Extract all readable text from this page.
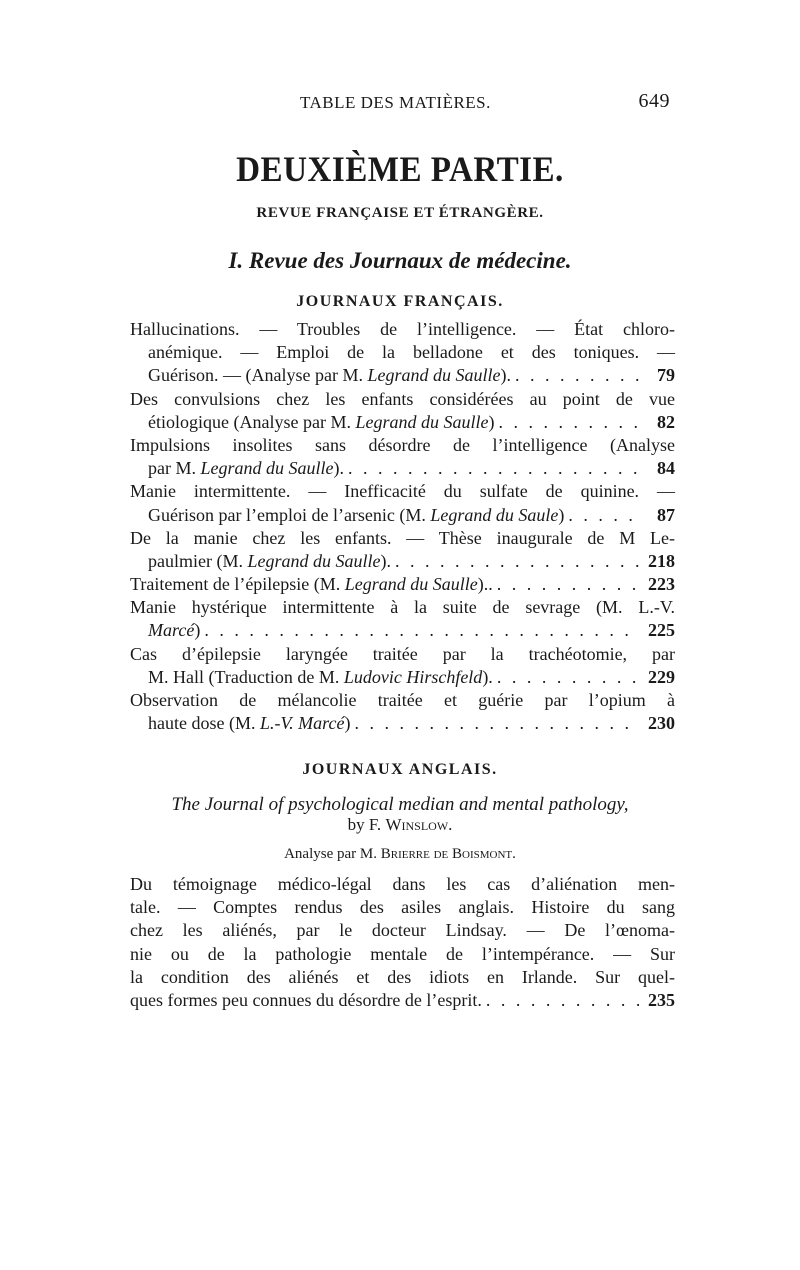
TABLE DES MATIÈRES.	649
DEUXIÈME PARTIE.
REVUE FRANÇAISE ET ÉTRANGÈRE.
I. Revue des Journaux de médecine.
JOURNAUX FRANÇAIS.
Hallucinations. — Troubles de l’intelligence. — État chloro-
anémique. — Emploi de la belladone et des toniques. —
Guérison. — (Analyse par M. Legrand du Saulle). . . .	79
Des convulsions chez les enfants considérées au point de vue
étiologique (Analyse par M. Legrand du Saulle) . . .	82
Impulsions insolites sans désordre de l’intelligence (Analyse
par M. Legrand du Saulle). . . .	84
Manie intermittente. — Inefficacité du sulfate de quinine. —
Guérison par l’emploi de l’arsenic (M. Legrand du Saule) . . .	87
De la manie chez les enfants. — Thèse inaugurale de M Le-
paulmier (M. Legrand du Saulle). . . .	218
Traitement de l’épilepsie (M. Legrand du Saulle).. . . .	223
Manie hystérique intermittente à la suite de sevrage (M. L.-V.
Marcé) . . .	225
Cas d’épilepsie laryngée traitée par la trachéotomie, par
M. Hall (Traduction de M. Ludovic Hirschfeld). . . .	229
Observation de mélancolie traitée et guérie par l’opium à
haute dose (M. L.-V. Marcé) . . .	230
JOURNAUX ANGLAIS.
The Journal of psychological median and mental pathology,
by F. Winslow.
Analyse par M. Brierre de Boismont.
Du témoignage médico-légal dans les cas d’aliénation men-
tale. — Comptes rendus des asiles anglais. Histoire du sang
chez les aliénés, par le docteur Lindsay. — De l’œnoma-
nie ou de la pathologie mentale de l’intempérance. — Sur
la condition des aliénés et des idiots en Irlande. Sur quel-
ques formes peu connues du désordre de l’esprit. . . .	235
